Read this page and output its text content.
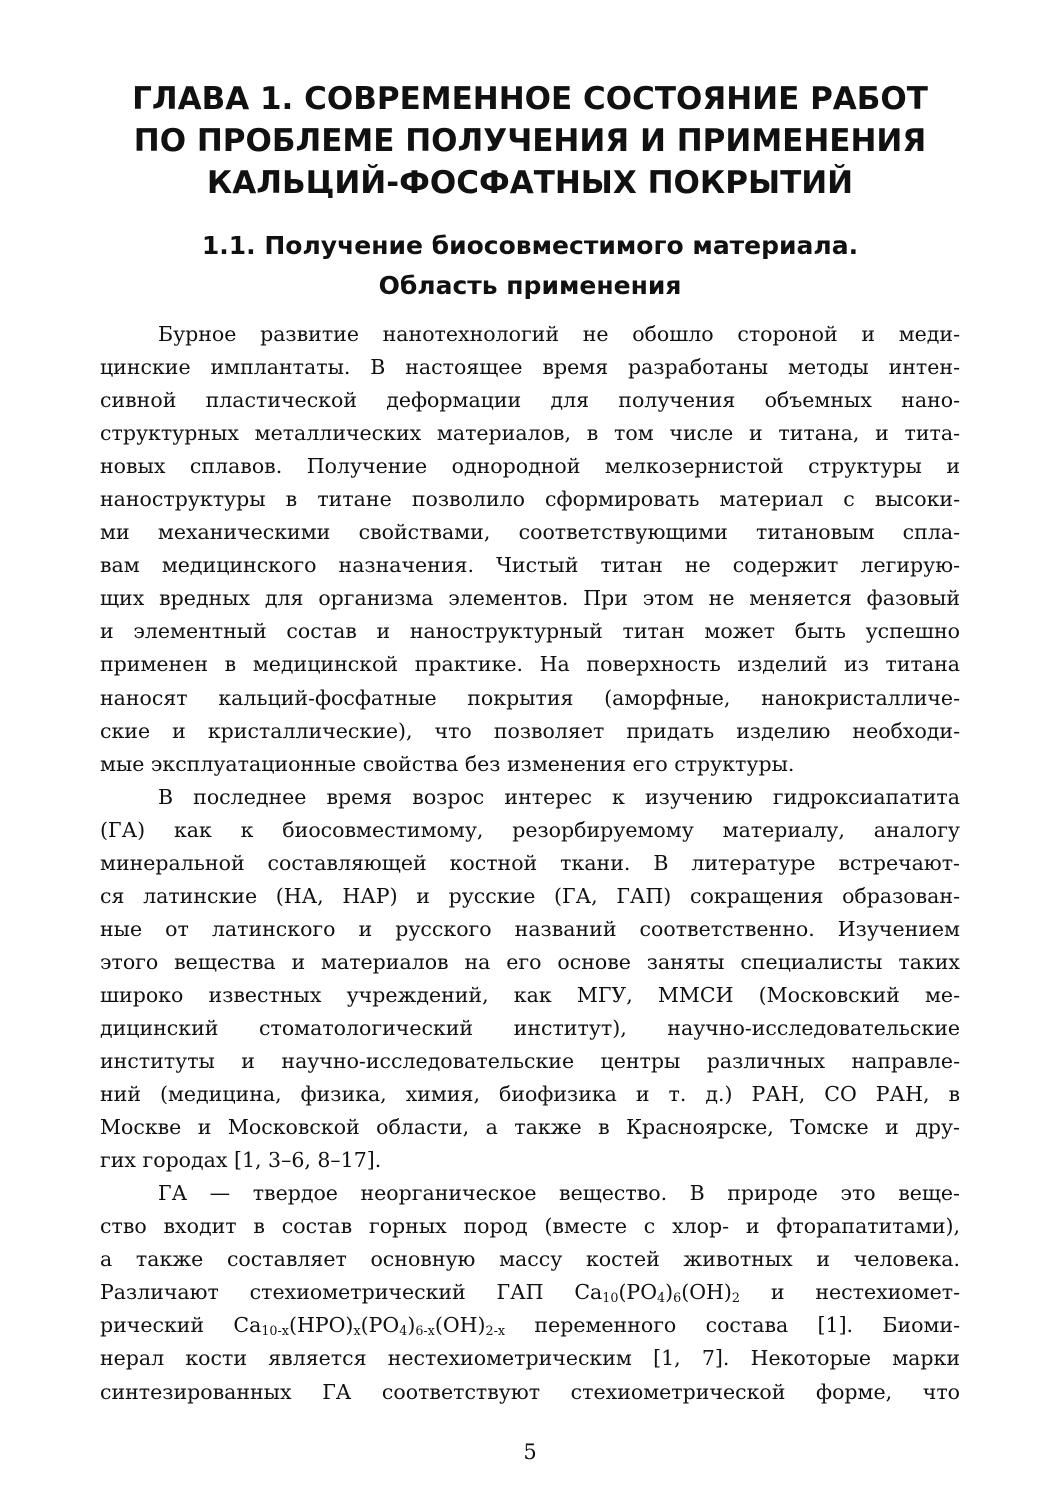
ГЛАВА 1. СОВРЕМЕННОЕ СОСТОЯНИЕ РАБОТ
ПО ПРОБЛЕМЕ ПОЛУЧЕНИЯ И ПРИМЕНЕНИЯ
КАЛЬЦИЙ-ФОСФАТНЫХ ПОКРЫТИЙ
1.1. Получение биосовместимого материала.
Область применения

Бурное развитие нанотехнологий не обошло стороной и меди-
цинские имплантаты. В настоящее время разработаны методы интен-
сивной пластической деформации для получения объемных нано-
структурных металлических материалов, в том числе и титана, и тита-
новых сплавов. Получение однородной мелкозернистой структуры и
наноструктуры в титане позволило сформировать материал с высоки-
ми механическими свойствами, соответствующими титановым спла-
вам медицинского назначения. Чистый титан не содержит легирую-
щих вредных для организма элементов. При этом не меняется фазовый
и элементный состав и наноструктурный титан может быть успешно
применен в медицинской практике. На поверхность изделий из титана
наносят кальций-фосфатные покрытия (аморфные, нанокристалличе-
ские и кристаллические), что позволяет придать изделию необходи-
мые эксплуатационные свойства без изменения его структуры.

В последнее время возрос интерес к изучению гидроксиапатита
(ГА) как к биосовместимому, резорбируемому материалу, аналогу
минеральной составляющей костной ткани. В литературе встречают-
ся латинские (НА, НАР) и русские (ГА, ГАП) сокращения образован-
ные от латинского и русского названий соответственно. Изучением
этого вещества и материалов на его основе заняты специалисты таких
широко известных учреждений, как МГУ, ММСИ (Московский ме-
дицинский стоматологический институт), научно-исследовательские
институты и научно-исследовательские центры различных направле-
ний (медицина, физика, химия, биофизика и т. д.) РАН, СО РАН, в
Москве и Московской области, а также в Красноярске, Томске и дру-
гих городах [1, 3–6, 8–17].

ГА — твердое неорганическое вещество. В природе это веще-
ство входит в состав горных пород (вместе с хлор- и фторапатитами),
а также составляет основную массу костей животных и человека.
Различают стехиометрический ГАП $Ca_{10}(PO_4)_6(OH)_2$ и нестехиомет-
рический $Ca_{10-x}(HPO)_x(PO_4)_{6-x}(OH)_{2-x}$ переменного состава [1]. Биоми-
нерал кости является нестехиометрическим [1, 7]. Некоторые марки
синтезированных ГА соответствуют стехиометрической форме, что

5
